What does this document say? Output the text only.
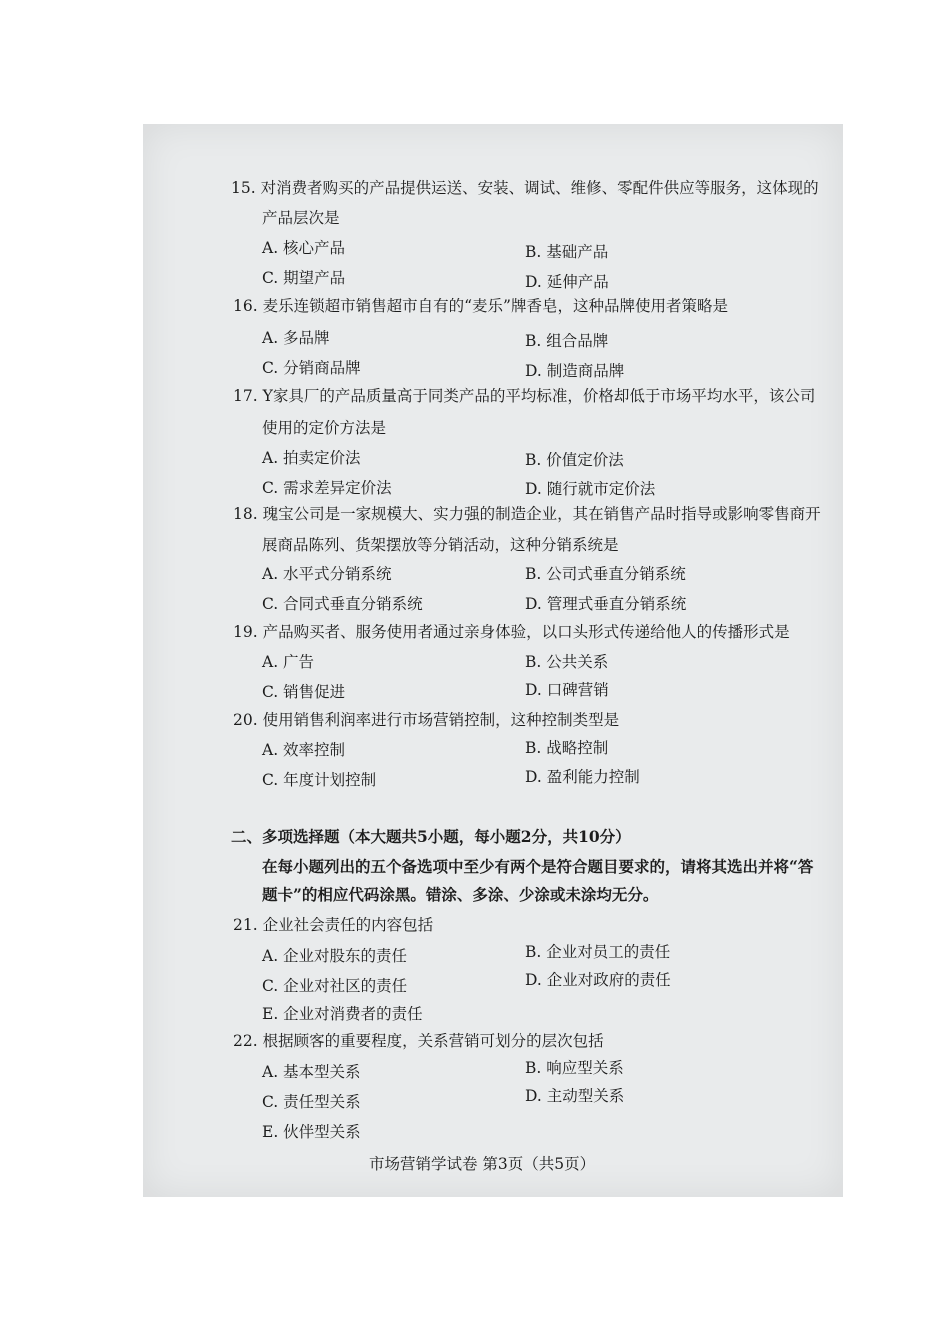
15. 对消费者购买的产品提供运送、安装、调试、维修、零配件供应等服务，这体现的
产品层次是
A. 核心产品	B. 基础产品
C. 期望产品	D. 延伸产品
16. 麦乐连锁超市销售超市自有的“麦乐”牌香皂，这种品牌使用者策略是
A. 多品牌	B. 组合品牌
C. 分销商品牌	D. 制造商品牌
17. Y家具厂的产品质量高于同类产品的平均标准，价格却低于市场平均水平，该公司
使用的定价方法是
A. 拍卖定价法	B. 价值定价法
C. 需求差异定价法	D. 随行就市定价法
18. 瑰宝公司是一家规模大、实力强的制造企业，其在销售产品时指导或影响零售商开
展商品陈列、货架摆放等分销活动，这种分销系统是
A. 水平式分销系统	B. 公司式垂直分销系统
C. 合同式垂直分销系统	D. 管理式垂直分销系统
19. 产品购买者、服务使用者通过亲身体验，以口头形式传递给他人的传播形式是
A. 广告	B. 公共关系
C. 销售促进	D. 口碑营销
20. 使用销售利润率进行市场营销控制，这种控制类型是
A. 效率控制	B. 战略控制
C. 年度计划控制	D. 盈利能力控制
二、多项选择题（本大题共5小题，每小题2分，共10分）
在每小题列出的五个备选项中至少有两个是符合题目要求的，请将其选出并将“答
题卡”的相应代码涂黑。错涂、多涂、少涂或未涂均无分。
21. 企业社会责任的内容包括
A. 企业对股东的责任	B. 企业对员工的责任
C. 企业对社区的责任	D. 企业对政府的责任
E. 企业对消费者的责任
22. 根据顾客的重要程度，关系营销可划分的层次包括
A. 基本型关系	B. 响应型关系
C. 责任型关系	D. 主动型关系
E. 伙伴型关系
市场营销学试卷 第3页（共5页）
